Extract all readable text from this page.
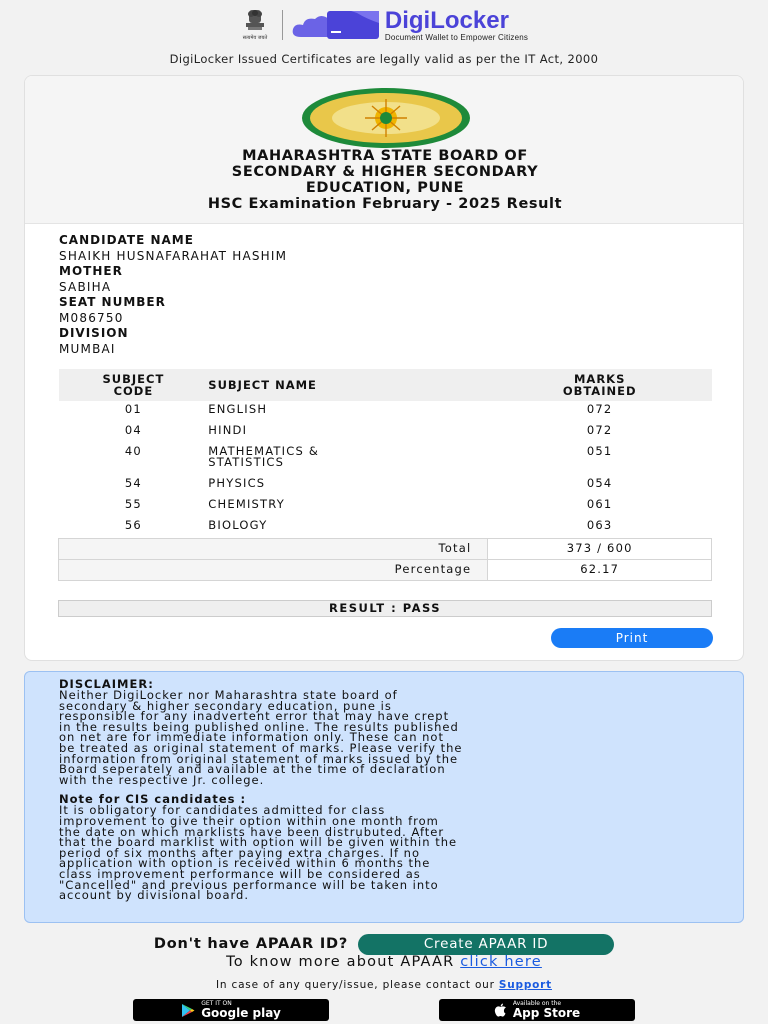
सत्यमेव जयते
DigiLocker
Document Wallet to Empower Citizens
DigiLocker Issued Certificates are legally valid as per the IT Act, 2000
MAHARASHTRA STATE BOARD OF
SECONDARY & HIGHER SECONDARY
EDUCATION, PUNE
HSC Examination February - 2025 Result
CANDIDATE NAME
SHAIKH HUSNAFARAHAT HASHIM
MOTHER
SABIHA
SEAT NUMBER
M086750
DIVISION
MUMBAI
SUBJECT
CODE	SUBJECT NAME	MARKS
OBTAINED
01	ENGLISH	072
04	HINDI	072
40	MATHEMATICS &
STATISTICS	051
54	PHYSICS	054
55	CHEMISTRY	061
56	BIOLOGY	063
Total		373 / 600
Percentage		62.17
RESULT : PASS
Print
DISCLAIMER:
Neither DigiLocker nor Maharashtra state board of
secondary & higher secondary education, pune is
responsible for any inadvertent error that may have crept
in the results being published online. The results published
on net are for immediate information only. These can not
be treated as original statement of marks. Please verify the
information from original statement of marks issued by the
Board seperately and available at the time of declaration
with the respective Jr. college.
Note for CIS candidates :
It is obligatory for candidates admitted for class
improvement to give their option within one month from
the date on which marklists have been distrubuted. After
that the board marklist with option will be given within the
period of six months after paying extra charges. If no
application with option is received within 6 months the
class improvement performance will be considered as
"Cancelled" and previous performance will be taken into
account by divisional board.
Don't have APAAR ID?	Create APAAR ID
To know more about APAAR click here
In case of any query/issue, please contact our Support
GET IT ON
Google play
Available on the
App Store
